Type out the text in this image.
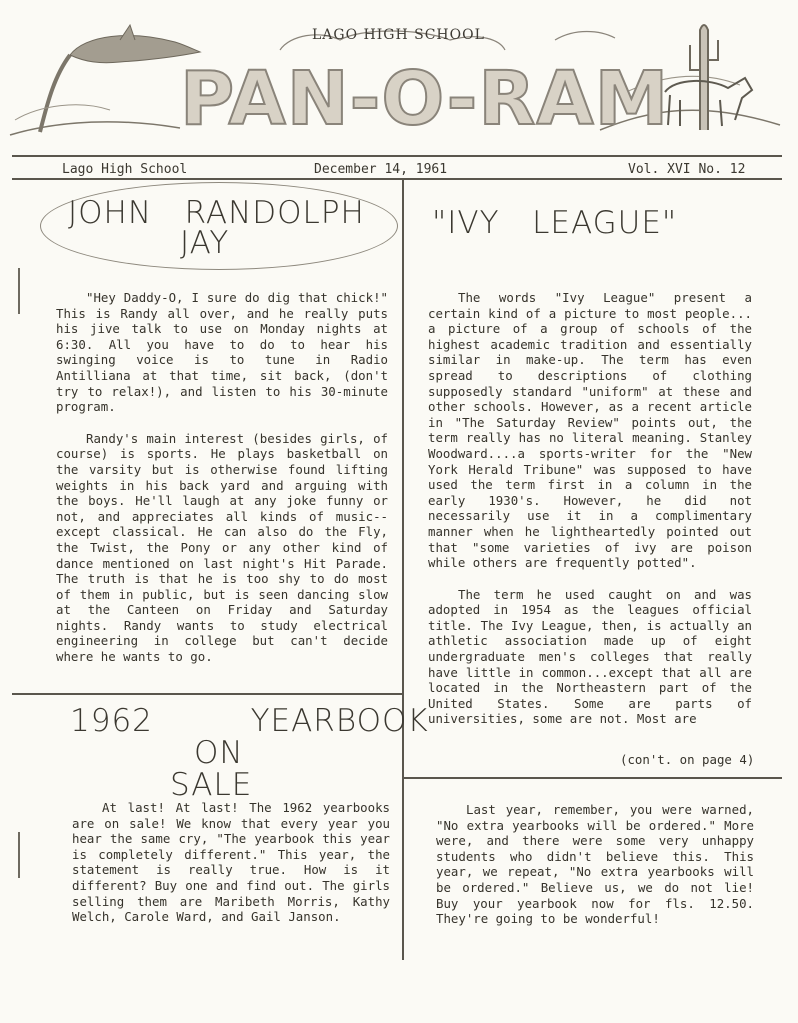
LAGO HIGH SCHOOL
PAN-O-RAM
Lago High School	December 14, 1961	Vol. XVI No. 12
JOHN   RANDOLPH
JAY

"Hey Daddy-O, I sure do dig that chick!" This is Randy all over, and he really puts his jive talk to use on Monday nights at 6:30. All you have to do to hear his swinging voice is to tune in Radio Antilliana at that time, sit back, (don't try to relax!), and listen to his 30-minute program.

Randy's main interest (besides girls, of course) is sports. He plays basketball on the varsity but is otherwise found lifting weights in his back yard and arguing with the boys. He'll laugh at any joke funny or not, and appreciates all kinds of music--except classical. He can also do the Fly, the Twist, the Pony or any other kind of dance mentioned on last night's Hit Parade. The truth is that he is too shy to do most of them in public, but is seen dancing slow at the Canteen on Friday and Saturday nights. Randy wants to study electrical engineering in college but can't decide where he wants to go.

"IVY   LEAGUE"

The words "Ivy League" present a certain kind of a picture to most people... a picture of a group of schools of the highest academic tradition and essentially similar in make-up. The term has even spread to descriptions of clothing supposedly standard "uniform" at these and other schools. However, as a recent article in "The Saturday Review" points out, the term really has no literal meaning. Stanley Woodward....a sports-writer for the "New York Herald Tribune" was supposed to have used the term first in a column in the early 1930's. However, he did not necessarily use it in a complimentary manner when he lightheartedly pointed out that "some varieties of ivy are poison while others are frequently potted".

The term he used caught on and was adopted in 1954 as the leagues official title. The Ivy League, then, is actually an athletic association made up of eight undergraduate men's colleges that really have little in common...except that all are located in the Northeastern part of the United States. Some are parts of universities, some are not. Most are

(con't. on page 4)
1962         YEARBOOK
ON
SALE

At last! At last! The 1962 yearbooks are on sale! We know that every year you hear the same cry, "The yearbook this year is completely different." This year, the statement is really true. How is it different? Buy one and find out. The girls selling them are Maribeth Morris, Kathy Welch, Carole Ward, and Gail Janson.

Last year, remember, you were warned, "No extra yearbooks will be ordered." More were, and there were some very unhappy students who didn't believe this. This year, we repeat, "No extra yearbooks will be ordered." Believe us, we do not lie! Buy your yearbook now for fls. 12.50. They're going to be wonderful!
